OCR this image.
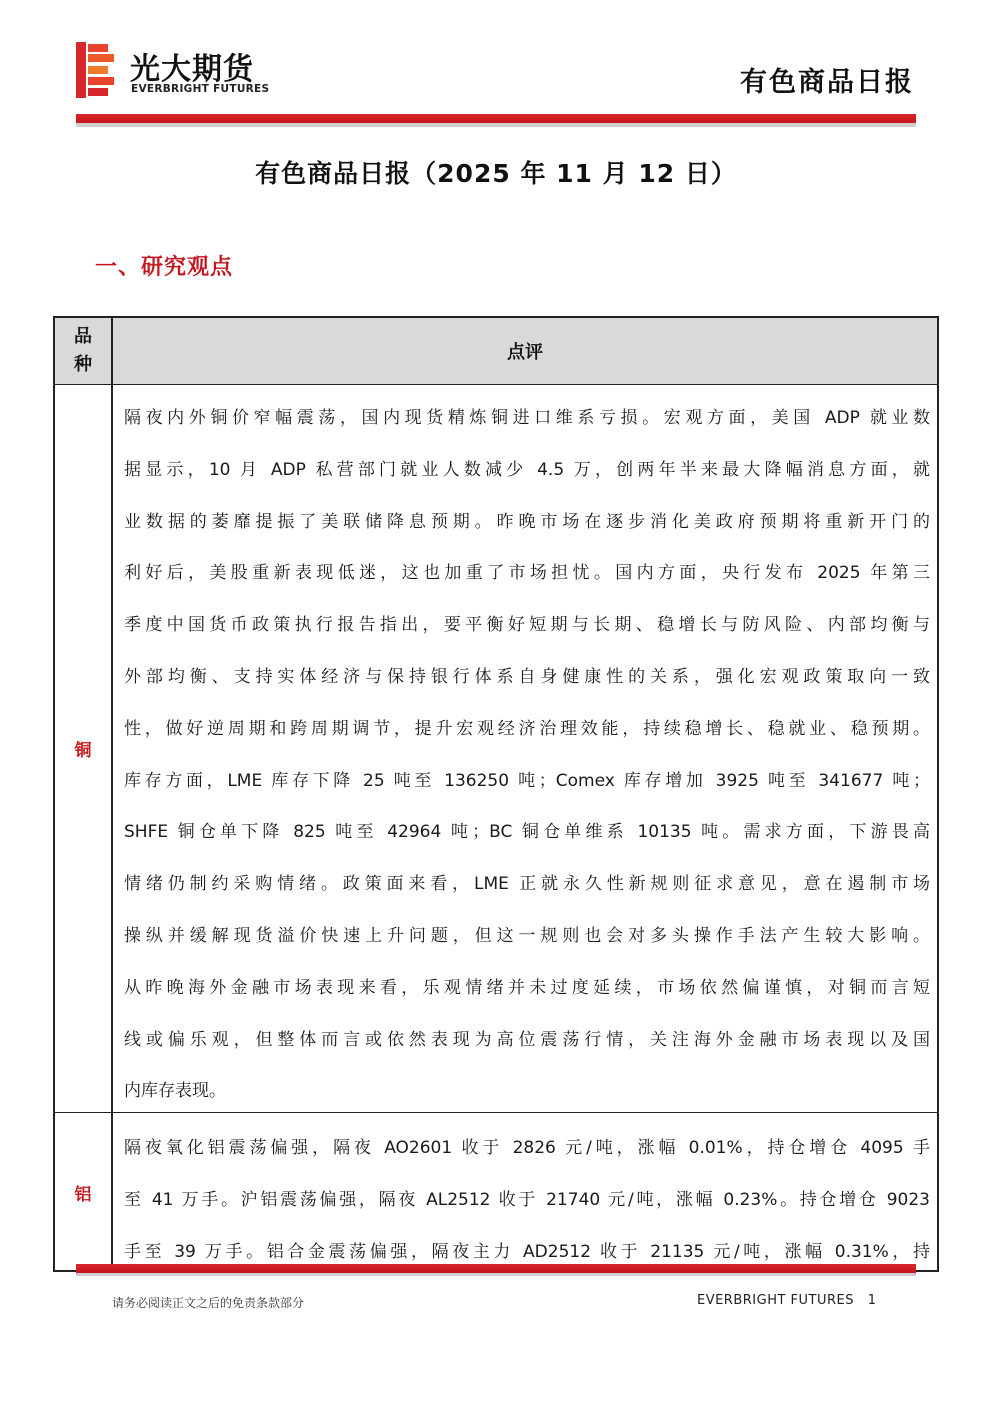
光大期货
EVERBRIGHT FUTURES	有色商品日报
有色商品日报（2025 年 11 月 12 日）
一、研究观点
品
种
点评
铜
隔夜内外铜价窄幅震荡，国内现货精炼铜进口维系亏损。宏观方面，美国 ADP 就业数
据显示，10 月 ADP 私营部门就业人数减少 4.5 万，创两年半来最大降幅消息方面，就
业数据的萎靡提振了美联储降息预期。昨晚市场在逐步消化美政府预期将重新开门的
利好后，美股重新表现低迷，这也加重了市场担忧。国内方面，央行发布 2025 年第三
季度中国货币政策执行报告指出，要平衡好短期与长期、稳增长与防风险、内部均衡与
外部均衡、支持实体经济与保持银行体系自身健康性的关系，强化宏观政策取向一致
性，做好逆周期和跨周期调节，提升宏观经济治理效能，持续稳增长、稳就业、稳预期。
库存方面，LME 库存下降 25 吨至 136250 吨；Comex 库存增加 3925 吨至 341677 吨；
SHFE 铜仓单下降 825 吨至 42964 吨；BC 铜仓单维系 10135 吨。需求方面，下游畏高
情绪仍制约采购情绪。政策面来看，LME 正就永久性新规则征求意见，意在遏制市场
操纵并缓解现货溢价快速上升问题，但这一规则也会对多头操作手法产生较大影响。
从昨晚海外金融市场表现来看，乐观情绪并未过度延续，市场依然偏谨慎，对铜而言短
线或偏乐观，但整体而言或依然表现为高位震荡行情，关注海外金融市场表现以及国
内库存表现。
铝
隔夜氧化铝震荡偏强，隔夜 AO2601 收于 2826 元/吨，涨幅 0.01%，持仓增仓 4095 手
至 41 万手。沪铝震荡偏强，隔夜 AL2512 收于 21740 元/吨，涨幅 0.23%。持仓增仓 9023
手至 39 万手。铝合金震荡偏强，隔夜主力 AD2512 收于 21135 元/吨，涨幅 0.31%，持
请务必阅读正文之后的免责条款部分	EVERBRIGHT FUTURES 1
